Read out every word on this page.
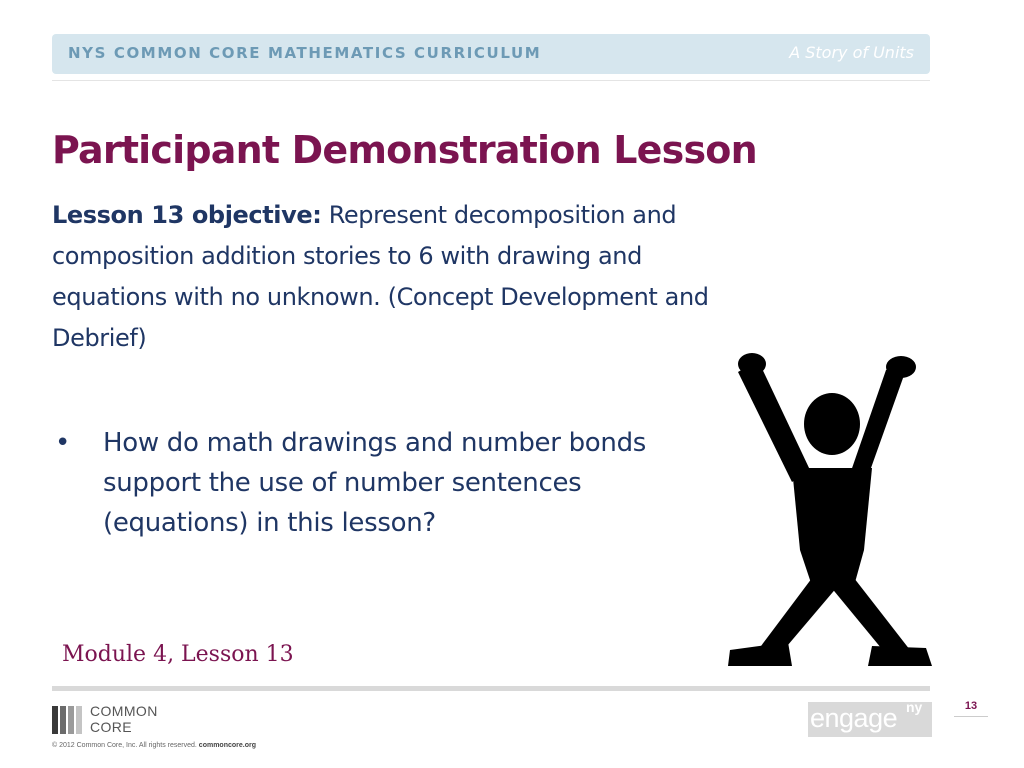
NYS COMMON CORE MATHEMATICS CURRICULUM	A Story of Units
Participant Demonstration Lesson
Lesson 13 objective: Represent decomposition and composition addition stories to 6 with drawing and equations with no unknown. (Concept Development and Debrief)
• How do math drawings and number bonds support the use of number sentences (equations) in this lesson?
Module 4, Lesson 13
COMMON
CORE
© 2012 Common Core, Inc. All rights reserved. commoncore.org
engage ny	13
